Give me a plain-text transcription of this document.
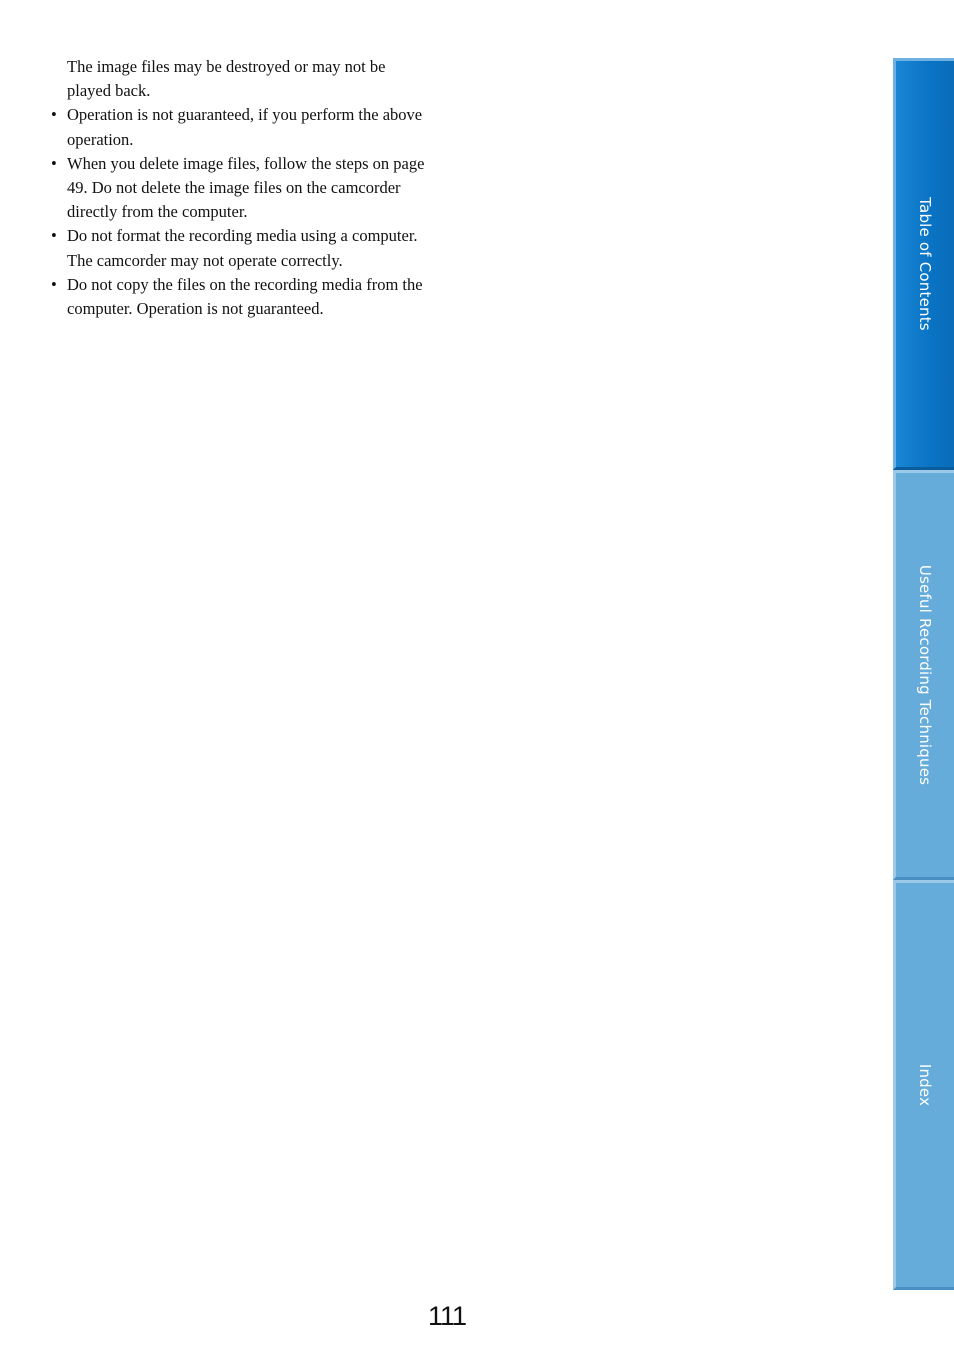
The image files may be destroyed or may not be played back.

• Operation is not guaranteed, if you perform the above operation.
• When you delete image files, follow the steps on page 49. Do not delete the image files on the camcorder directly from the computer.
• Do not format the recording media using a computer. The camcorder may not operate correctly.
• Do not copy the files on the recording media from the computer. Operation is not guaranteed.	Table of Contents
Useful Recording Techniques
Index
111
